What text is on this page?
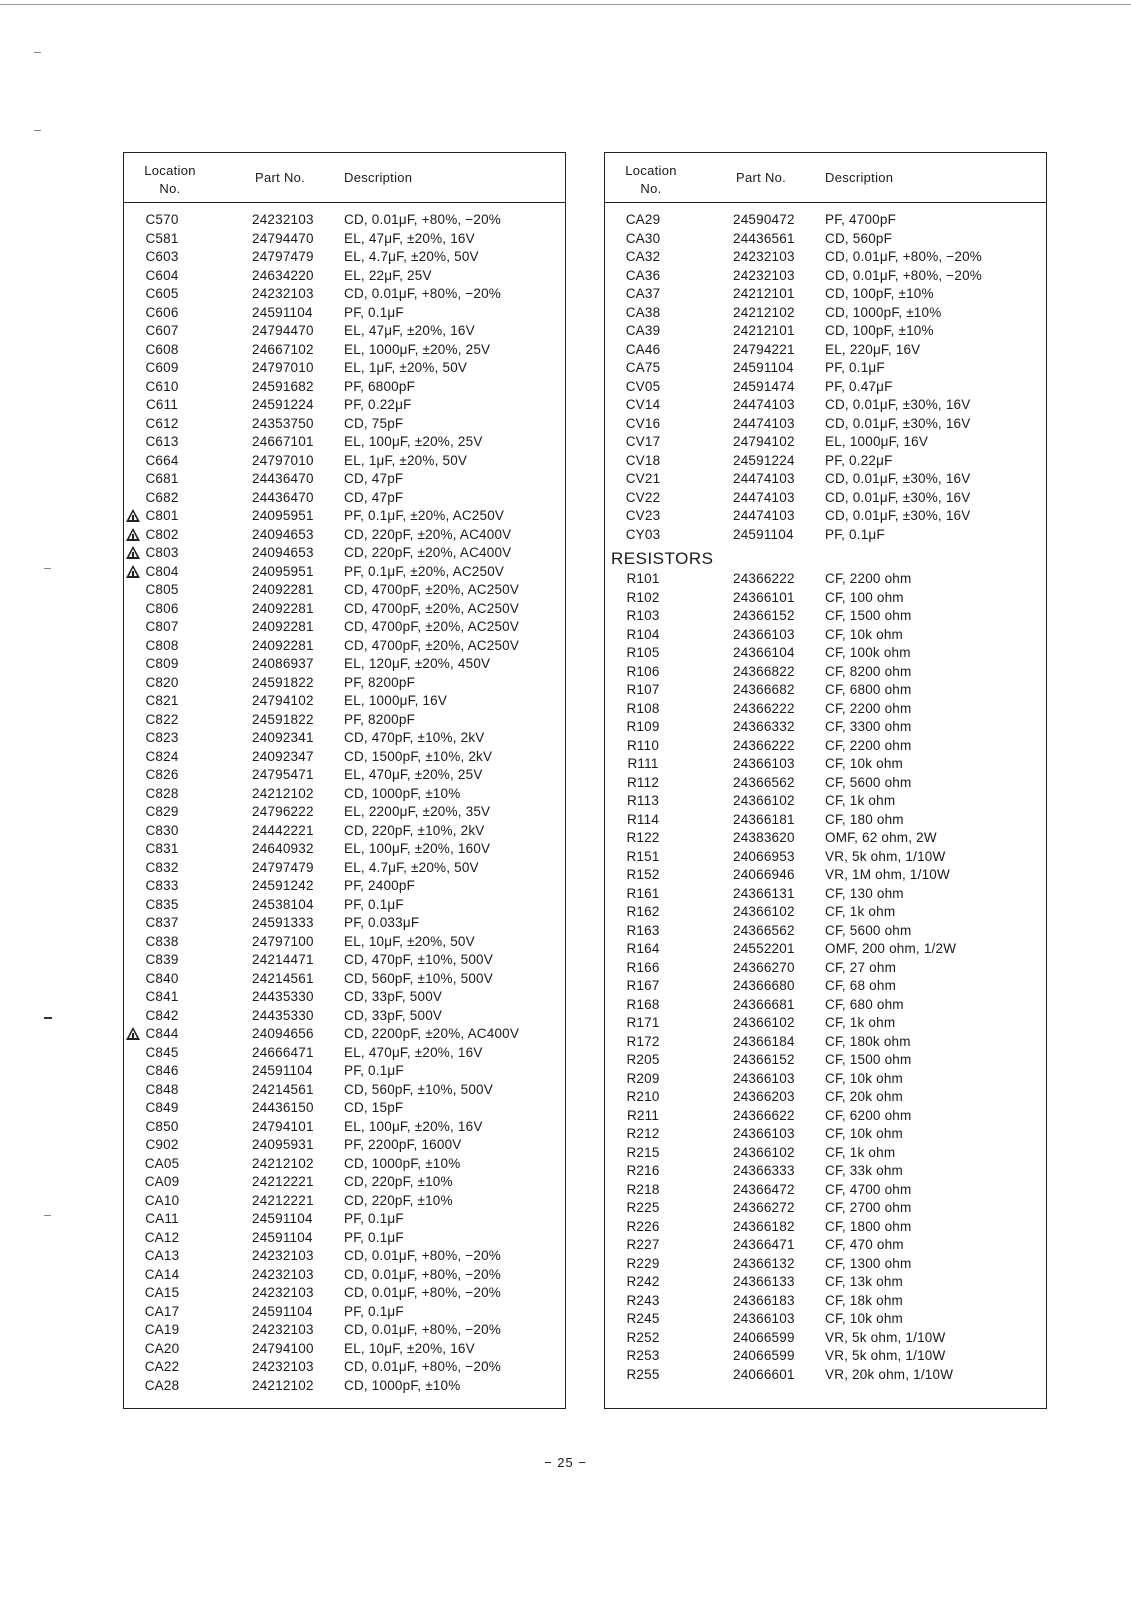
Location
No.
Part No.	Description
C570	24232103 CD, 0.01μF, +80%, −20%
C581	24794470 EL, 47μF, ±20%, 16V
C603	24797479 EL, 4.7μF, ±20%, 50V
C604	24634220 EL, 22μF, 25V
C605	24232103 CD, 0.01μF, +80%, −20%
C606	24591104 PF, 0.1μF
C607	24794470 EL, 47μF, ±20%, 16V
C608	24667102 EL, 1000μF, ±20%, 25V
C609	24797010 EL, 1μF, ±20%, 50V
C610	24591682 PF, 6800pF
C611	24591224 PF, 0.22μF
C612	24353750 CD, 75pF
C613	24667101 EL, 100μF, ±20%, 25V
C664	24797010 EL, 1μF, ±20%, 50V
C681	24436470 CD, 47pF
C682	24436470 CD, 47pF
C801	24095951 PF, 0.1μF, ±20%, AC250V
C802	24094653 CD, 220pF, ±20%, AC400V
C803	24094653 CD, 220pF, ±20%, AC400V
C804	24095951 PF, 0.1μF, ±20%, AC250V
C805	24092281 CD, 4700pF, ±20%, AC250V
C806	24092281 CD, 4700pF, ±20%, AC250V
C807	24092281 CD, 4700pF, ±20%, AC250V
C808	24092281 CD, 4700pF, ±20%, AC250V
C809	24086937 EL, 120μF, ±20%, 450V
C820	24591822 PF, 8200pF
C821	24794102 EL, 1000μF, 16V
C822	24591822 PF, 8200pF
C823	24092341 CD, 470pF, ±10%, 2kV
C824	24092347 CD, 1500pF, ±10%, 2kV
C826	24795471 EL, 470μF, ±20%, 25V
C828	24212102 CD, 1000pF, ±10%
C829	24796222 EL, 2200μF, ±20%, 35V
C830	24442221 CD, 220pF, ±10%, 2kV
C831	24640932 EL, 100μF, ±20%, 160V
C832	24797479 EL, 4.7μF, ±20%, 50V
C833	24591242 PF, 2400pF
C835	24538104 PF, 0.1μF
C837	24591333 PF, 0.033μF
C838	24797100 EL, 10μF, ±20%, 50V
C839	24214471 CD, 470pF, ±10%, 500V
C840	24214561 CD, 560pF, ±10%, 500V
C841	24435330 CD, 33pF, 500V
C842	24435330 CD, 33pF, 500V
C844	24094656 CD, 2200pF, ±20%, AC400V
C845	24666471 EL, 470μF, ±20%, 16V
C846	24591104 PF, 0.1μF
C848	24214561 CD, 560pF, ±10%, 500V
C849	24436150 CD, 15pF
C850	24794101 EL, 100μF, ±20%, 16V
C902	24095931 PF, 2200pF, 1600V
CA05	24212102 CD, 1000pF, ±10%
CA09	24212221 CD, 220pF, ±10%
CA10	24212221 CD, 220pF, ±10%
CA11	24591104 PF, 0.1μF
CA12	24591104 PF, 0.1μF
CA13	24232103 CD, 0.01μF, +80%, −20%
CA14	24232103 CD, 0.01μF, +80%, −20%
CA15	24232103 CD, 0.01μF, +80%, −20%
CA17	24591104 PF, 0.1μF
CA19	24232103 CD, 0.01μF, +80%, −20%
CA20	24794100 EL, 10μF, ±20%, 16V
CA22	24232103 CD, 0.01μF, +80%, −20%
CA28	24212102 CD, 1000pF, ±10%
Location
No.
Part No.	Description
CA29	24590472 PF, 4700pF
CA30	24436561 CD, 560pF
CA32	24232103 CD, 0.01μF, +80%, −20%
CA36	24232103 CD, 0.01μF, +80%, −20%
CA37	24212101 CD, 100pF, ±10%
CA38	24212102 CD, 1000pF, ±10%
CA39	24212101 CD, 100pF, ±10%
CA46	24794221 EL, 220μF, 16V
CA75	24591104 PF, 0.1μF
CV05	24591474 PF, 0.47μF
CV14	24474103 CD, 0.01μF, ±30%, 16V
CV16	24474103 CD, 0.01μF, ±30%, 16V
CV17	24794102 EL, 1000μF, 16V
CV18	24591224 PF, 0.22μF
CV21	24474103 CD, 0.01μF, ±30%, 16V
CV22	24474103 CD, 0.01μF, ±30%, 16V
CV23	24474103 CD, 0.01μF, ±30%, 16V
CY03	24591104 PF, 0.1μF
RESISTORS
R101	24366222 CF, 2200 ohm
R102	24366101 CF, 100 ohm
R103	24366152 CF, 1500 ohm
R104	24366103 CF, 10k ohm
R105	24366104 CF, 100k ohm
R106	24366822 CF, 8200 ohm
R107	24366682 CF, 6800 ohm
R108	24366222 CF, 2200 ohm
R109	24366332 CF, 3300 ohm
R110	24366222 CF, 2200 ohm
R111	24366103 CF, 10k ohm
R112	24366562 CF, 5600 ohm
R113	24366102 CF, 1k ohm
R114	24366181 CF, 180 ohm
R122	24383620 OMF, 62 ohm, 2W
R151	24066953 VR, 5k ohm, 1/10W
R152	24066946 VR, 1M ohm, 1/10W
R161	24366131 CF, 130 ohm
R162	24366102 CF, 1k ohm
R163	24366562 CF, 5600 ohm
R164	24552201 OMF, 200 ohm, 1/2W
R166	24366270 CF, 27 ohm
R167	24366680 CF, 68 ohm
R168	24366681 CF, 680 ohm
R171	24366102 CF, 1k ohm
R172	24366184 CF, 180k ohm
R205	24366152 CF, 1500 ohm
R209	24366103 CF, 10k ohm
R210	24366203 CF, 20k ohm
R211	24366622 CF, 6200 ohm
R212	24366103 CF, 10k ohm
R215	24366102 CF, 1k ohm
R216	24366333 CF, 33k ohm
R218	24366472 CF, 4700 ohm
R225	24366272 CF, 2700 ohm
R226	24366182 CF, 1800 ohm
R227	24366471 CF, 470 ohm
R229	24366132 CF, 1300 ohm
R242	24366133 CF, 13k ohm
R243	24366183 CF, 18k ohm
R245	24366103 CF, 10k ohm
R252	24066599 VR, 5k ohm, 1/10W
R253	24066599 VR, 5k ohm, 1/10W
R255	24066601 VR, 20k ohm, 1/10W
− 25 −
